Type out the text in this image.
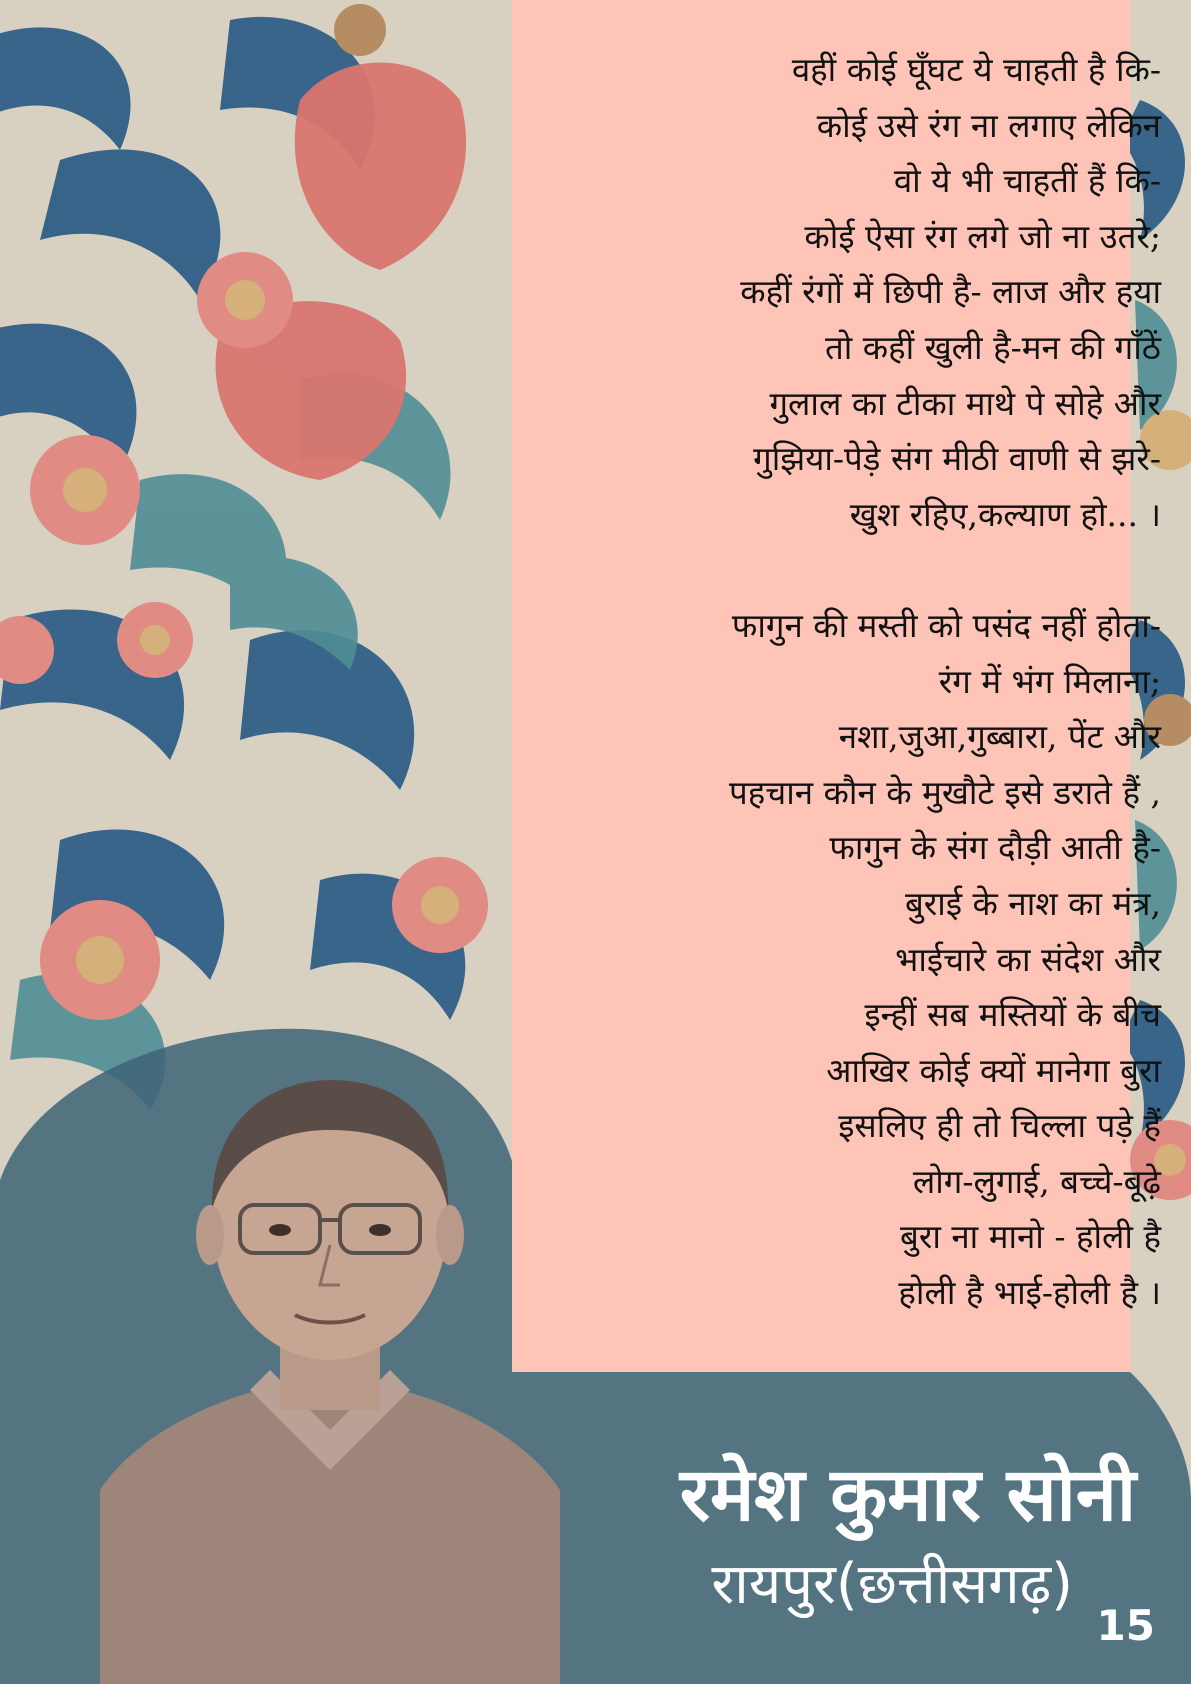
वहीं कोई घूँघट ये चाहती है कि-
कोई उसे रंग ना लगाए लेकिन
वो ये भी चाहतीं हैं कि-
कोई ऐसा रंग लगे जो ना उतरे;
कहीं रंगों में छिपी है- लाज और हया
तो कहीं खुली है-मन की गाँठें
गुलाल का टीका माथे पे सोहे और
गुझिया-पेड़े संग मीठी वाणी से झरे-
खुश रहिए,कल्याण हो... ।
फागुन की मस्ती को पसंद नहीं होता-
रंग में भंग मिलाना;
नशा,जुआ,गुब्बारा, पेंट और
पहचान कौन के मुखौटे इसे डराते हैं ,
फागुन के संग दौड़ी आती है-
बुराई के नाश का मंत्र,
भाईचारे का संदेश और
इन्हीं सब मस्तियों के बीच
आखिर कोई क्यों मानेगा बुरा
इसलिए ही तो चिल्ला पड़े हैं
लोग-लुगाई, बच्चे-बूढ़े
बुरा ना मानो - होली है
होली है भाई-होली है ।
रमेश कुमार सोनी
रायपुर(छत्तीसगढ़)
15
